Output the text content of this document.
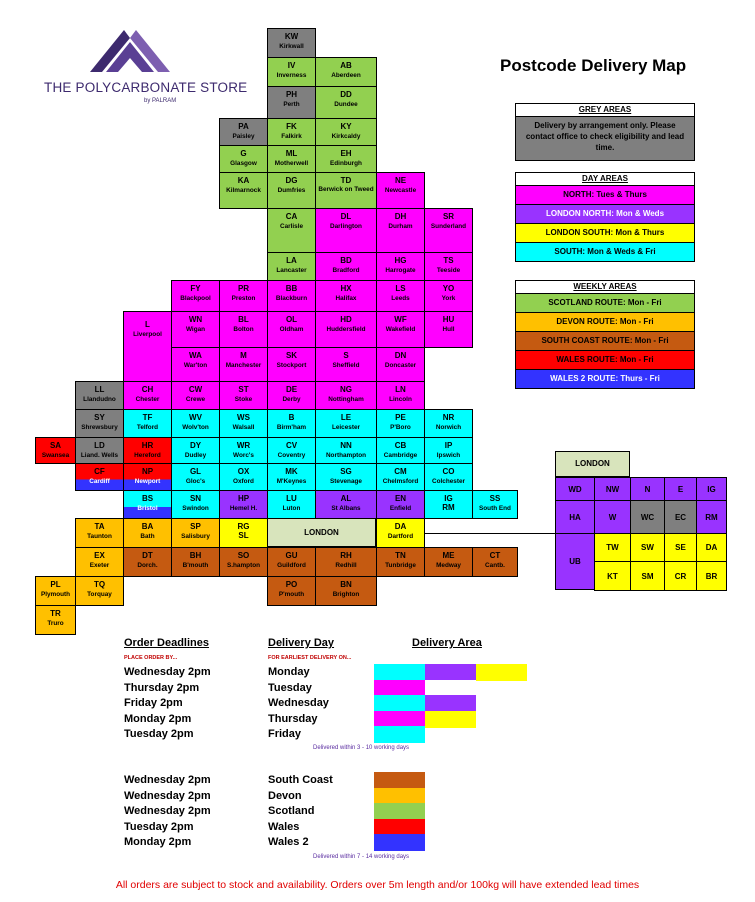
THE POLYCARBONATE STORE
by PALRAM
Postcode Delivery Map
GREY AREAS
Delivery by arrangement only. Please contact office to check eligibility and lead time.
DAY AREAS
NORTH: Tues & Thurs
LONDON NORTH: Mon & Weds
LONDON SOUTH: Mon & Thurs
SOUTH: Mon & Weds & Fri
WEEKLY AREAS
SCOTLAND ROUTE: Mon - Fri
DEVON ROUTE: Mon - Fri
SOUTH COAST ROUTE: Mon - Fri
WALES ROUTE: Mon - Fri
WALES 2 ROUTE: Thurs - Fri
KW
Kirkwall
IV
Inverness
AB
Aberdeen
PH
Perth
DD
Dundee
PA
Paisley
FK
Falkirk
KY
Kirkcaldy
G
Glasgow
ML
Motherwell
EH
Edinburgh
KA
Kilmarnock
DG
Dumfries
TD
Berwick on Tweed
NE
Newcastle
CA
Carlisle
DL
Darlington
DH
Durham
SR
Sunderland
LA
Lancaster
BD
Bradford
HG
Harrogate
TS
Teeside
FY
Blackpool
PR
Preston
BB
Blackburn
HX
Halifax
LS
Leeds
YO
York
L
Liverpool
WN
Wigan
BL
Bolton
OL
Oldham
HD
Huddersfield
WF
Wakefield
HU
Hull
WA
War'ton
M
Manchester
SK
Stockport
S
Sheffield
DN
Doncaster
LL
Llandudno
CH
Chester
CW
Crewe
ST
Stoke
DE
Derby
NG
Nottingham
LN
Lincoln
SY
Shrewsbury
TF
Telford
WV
Wolv'ton
WS
Walsall
B
Birm'ham
LE
Leicester
PE
P'Boro
NR
Norwich
SA
Swansea
LD
Liand. Wells
HR
Hereford
DY
Dudley
WR
Worc's
CV
Coventry
NN
Northampton
CB
Cambridge
IP
Ipswich
CF
Cardiff
NP
Newport
GL
Gloc's
OX
Oxford
MK
M'Keynes
SG
Stevenage
CM
Chelmsford
CO
Colchester
BS
Bristol
SN
Swindon
HP
Hemel H.
LU
Luton
AL
St Albans
EN
Enfield
IG
RM
SS
South End
TA
Taunton
BA
Bath
SP
Salisbury
RG
SL
DA
Dartford
EX
Exeter
DT
Dorch.
BH
B'mouth
SO
S.hampton
GU
Guildford
RH
Redhill
TN
Tunbridge
ME
Medway
CT
Cantb.
PL
Plymouth
TQ
Torquay
PO
P'mouth
BN
Brighton
TR
Truro
LONDON
LONDON
WD	NW	N	E	IG
HA	W	WC	EC	RM
UB
TW	SW	SE	DA
KT	SM	CR	BR
Order Deadlines	Delivery Day	Delivery Area
PLACE ORDER BY...	FOR EARLIEST DELIVERY ON...
Wednesday 2pm	Monday
Thursday 2pm	Tuesday
Friday 2pm	Wednesday
Monday 2pm	Thursday
Tuesday 2pm	Friday
Wednesday 2pm	South Coast
Wednesday 2pm	Devon
Wednesday 2pm	Scotland
Tuesday 2pm	Wales
Monday 2pm	Wales 2
Delivered within 3 - 10 working days
Delivered within 7 - 14 working days
All orders are subject to stock and availability. Orders over 5m length and/or 100kg will have extended lead times
